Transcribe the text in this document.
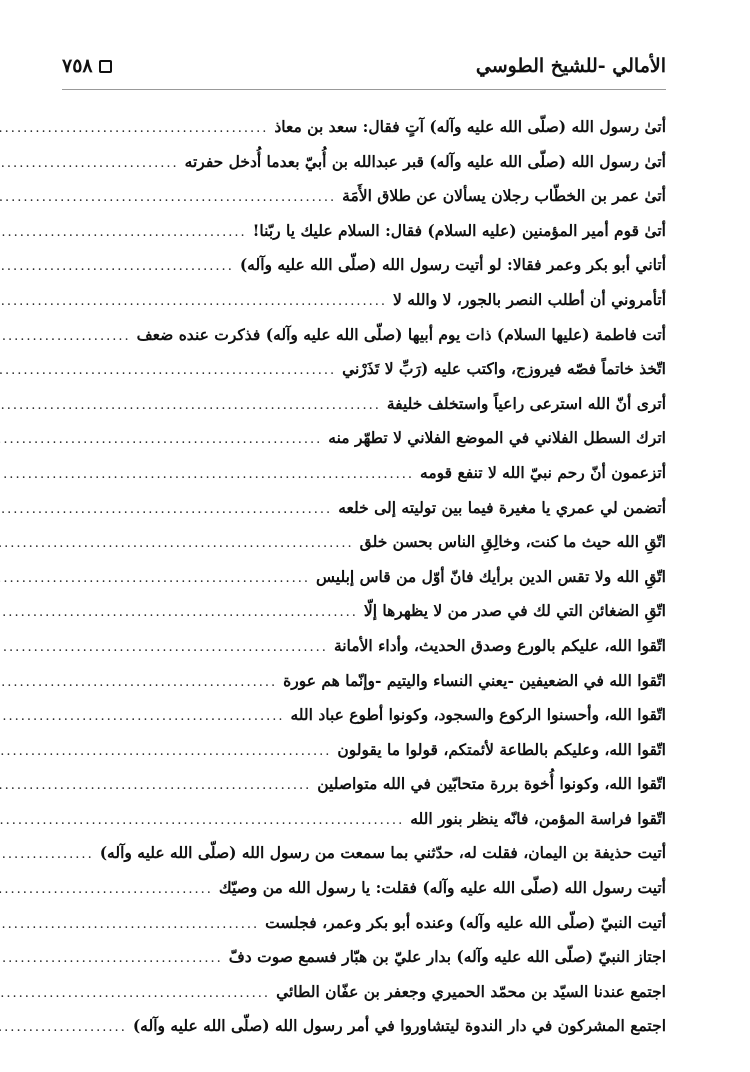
الأمالي -للشيخ الطوسي
٧٥٨
أتىٰ رسول الله (صلّى الله عليه وآله) آتٍ فقال: سعد بن معاذ
.....
أتىٰ رسول الله (صلّى الله عليه وآله) قبر عبدالله بن أُبيّ بعدما أُدخل حفرته
.....
أتىٰ عمر بن الخطّاب رجلان يسألان عن طلاق الأَمَة
.....
أتىٰ قوم أمير المؤمنين (عليه السلام) فقال: السلام عليك يا ربّنا!
.....
أتاني أبو بكر وعمر فقالا: لو أتيت رسول الله (صلّى الله عليه وآله)
.....
أتأمروني أن أطلب النصر بالجور، لا والله لا
.....
أتت فاطمة (عليها السلام) ذات يوم أبيها (صلّى الله عليه وآله) فذكرت عنده ضعف
.....
اتّخذ خاتماً فصّه فيروزج، واكتب عليه (رَبِّ لا تَذَرْني
.....
أترى أنّ الله استرعى راعياً واستخلف خليفة
.....
اترك السطل الفلاني في الموضع الفلاني لا تطهّر منه
.....
أتزعمون أنّ رحم نبيّ الله لا تنفع قومه
.....
أتضمن لي عمري يا مغيرة فيما بين توليته إلى خلعه
.....
اتّقِ الله حيث ما كنت، وخالِقِ الناس بحسن خلق
.....
اتّقِ الله ولا تقس الدين برأيك فانّ أوّل من قاس إبليس
.....
اتّقِ الضغائن التي لك في صدر من لا يظهرها إلّا
.....
اتّقوا الله، عليكم بالورع وصدق الحديث، وأداء الأمانة
.....
اتّقوا الله في الضعيفين -يعني النساء واليتيم -وإنّما هم عورة
.....
اتّقوا الله، وأحسنوا الركوع والسجود، وكونوا أطوع عباد الله
.....
اتّقوا الله، وعليكم بالطاعة لأئمتكم، قولوا ما يقولون
.....
اتّقوا الله، وكونوا أُخوة بررة متحابّين في الله متواصلين
.....
اتّقوا فراسة المؤمن، فانّه ينظر بنور الله
.....
أتيت حذيفة بن اليمان، فقلت له، حدّثني بما سمعت من رسول الله (صلّى الله عليه وآله)
.....
أتيت رسول الله (صلّى الله عليه وآله) فقلت: يا رسول الله من وصيّك
.....
أتيت النبيّ (صلّى الله عليه وآله) وعنده أبو بكر وعمر، فجلست
.....
اجتاز النبيّ (صلّى الله عليه وآله) بدار عليّ بن هبّار فسمع صوت دفّ
.....
اجتمع عندنا السيّد بن محمّد الحميري وجعفر بن عفّان الطائي
.....
اجتمع المشركون في دار الندوة ليتشاوروا في أمر رسول الله (صلّى الله عليه وآله)
.....
